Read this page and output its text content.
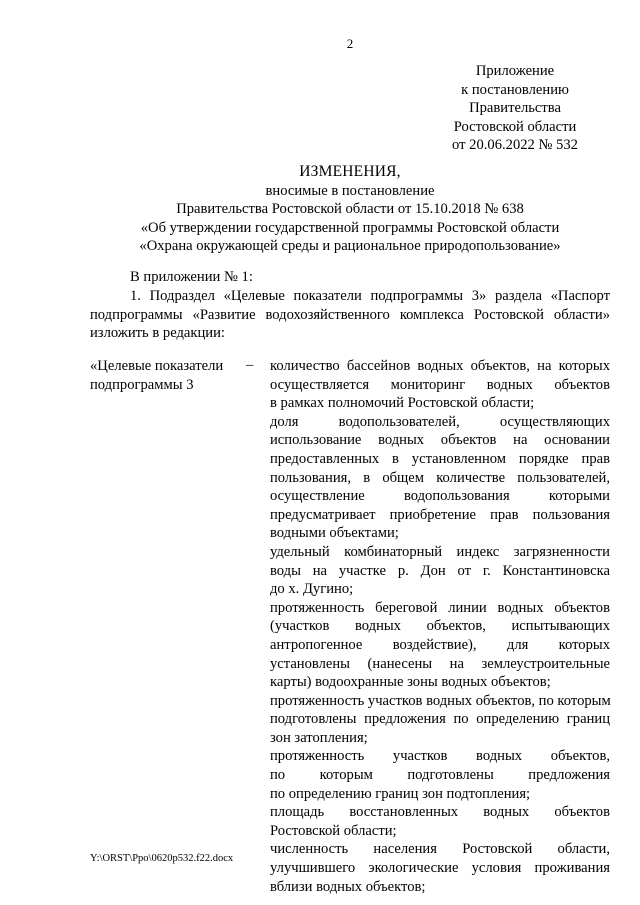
2
Приложение
к постановлению
Правительства
Ростовской области
от 20.06.2022 № 532
ИЗМЕНЕНИЯ,
вносимые в постановление
Правительства Ростовской области от 15.10.2018 № 638
«Об утверждении государственной программы Ростовской области
«Охрана окружающей среды и рациональное природопользование»
В приложении № 1:
1. Подраздел «Целевые показатели подпрограммы 3» раздела «Паспорт
подпрограммы «Развитие водохозяйственного комплекса Ростовской области»
изложить в редакции:
«Целевые показатели
подпрограммы 3
– количество бассейнов водных объектов, на которых
осуществляется мониторинг водных объектов
в рамках полномочий Ростовской области;
доля водопользователей, осуществляющих
использование водных объектов на основании
предоставленных в установленном порядке прав
пользования, в общем количестве пользователей,
осуществление водопользования которыми
предусматривает приобретение прав пользования
водными объектами;
удельный комбинаторный индекс загрязненности
воды на участке р. Дон от г. Константиновска
до х. Дугино;
протяженность береговой линии водных объектов
(участков водных объектов, испытывающих
антропогенное воздействие), для которых
установлены (нанесены на землеустроительные
карты) водоохранные зоны водных объектов;
протяженность участков водных объектов, по которым
подготовлены предложения по определению границ
зон затопления;
протяженность участков водных объектов,
по которым подготовлены предложения
по определению границ зон подтопления;
площадь восстановленных водных объектов
Ростовской области;
численность населения Ростовской области,
улучшившего экологические условия проживания
вблизи водных объектов;
Y:\ORST\Ppo\0620p532.f22.docx
